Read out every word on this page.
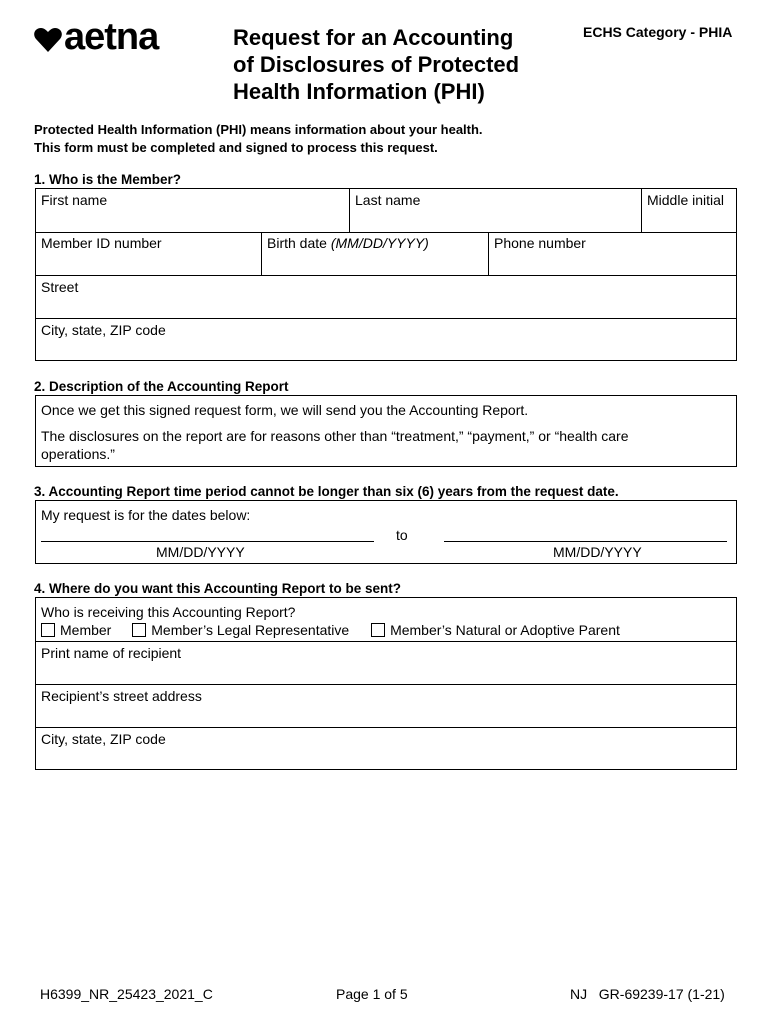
aetna	Request for an Accounting
of Disclosures of Protected
Health Information (PHI)
ECHS Category - PHIA
Protected Health Information (PHI) means information about your health.
This form must be completed and signed to process this request.
1. Who is the Member?
First name	Last name	Middle initial
Member ID number	Birth date (MM/DD/YYYY)	Phone number
Street
City, state, ZIP code
2. Description of the Accounting Report
Once we get this signed request form, we will send you the Accounting Report.
The disclosures on the report are for reasons other than “treatment,” “payment,” or “health care operations.”
3. Accounting Report time period cannot be longer than six (6) years from the request date.
My request is for the dates below:
to
MM/DD/YYYY	MM/DD/YYYY
4. Where do you want this Accounting Report to be sent?
Who is receiving this Accounting Report?
Member	Member’s Legal Representative	Member’s Natural or Adoptive Parent
Print name of recipient
Recipient’s street address
City, state, ZIP code
H6399_NR_25423_2021_C	Page 1 of 5	NJ   GR-69239-17 (1-21)
